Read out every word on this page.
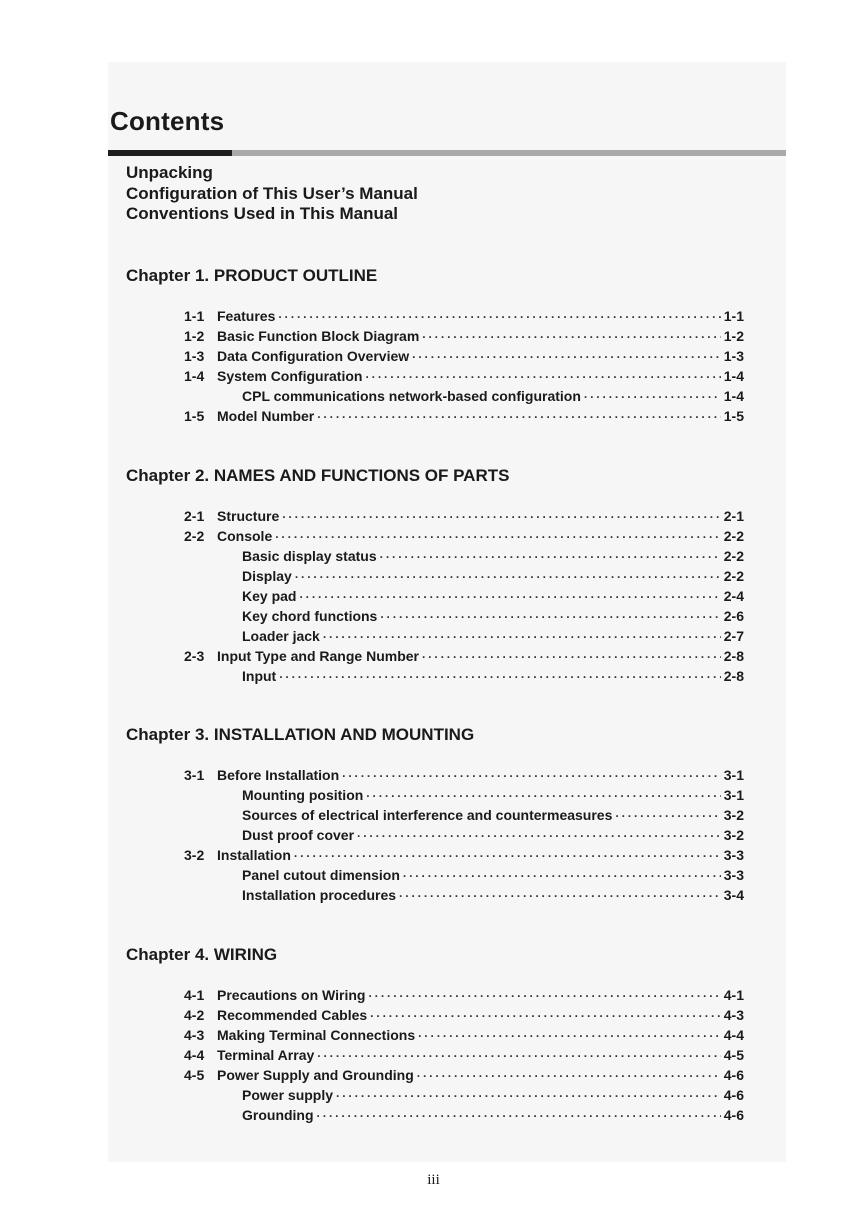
Contents
Unpacking
Configuration of This User’s Manual
Conventions Used in This Manual
Chapter 1. PRODUCT OUTLINE
1-1 Features ·····	1-1
1-2 Basic Function Block Diagram ·····	1-2
1-3 Data Configuration Overview ·····	1-3
1-4 System Configuration ·····	1-4
CPL communications network-based configuration ·····	1-4
1-5 Model Number ·····	1-5
Chapter 2. NAMES AND FUNCTIONS OF PARTS
2-1 Structure ·····	2-1
2-2 Console ·····	2-2
Basic display status ·····	2-2
Display ·····	2-2
Key pad ·····	2-4
Key chord functions ·····	2-6
Loader jack ·····	2-7
2-3 Input Type and Range Number ·····	2-8
Input ·····	2-8
Chapter 3. INSTALLATION AND MOUNTING
3-1 Before Installation ·····	3-1
Mounting position ·····	3-1
Sources of electrical interference and countermeasures ·····	3-2
Dust proof cover ·····	3-2
3-2 Installation ·····	3-3
Panel cutout dimension ·····	3-3
Installation procedures ·····	3-4
Chapter 4. WIRING
4-1 Precautions on Wiring ·····	4-1
4-2 Recommended Cables ·····	4-3
4-3 Making Terminal Connections ·····	4-4
4-4 Terminal Array ·····	4-5
4-5 Power Supply and Grounding ·····	4-6
Power supply ·····	4-6
Grounding ·····	4-6
iii
